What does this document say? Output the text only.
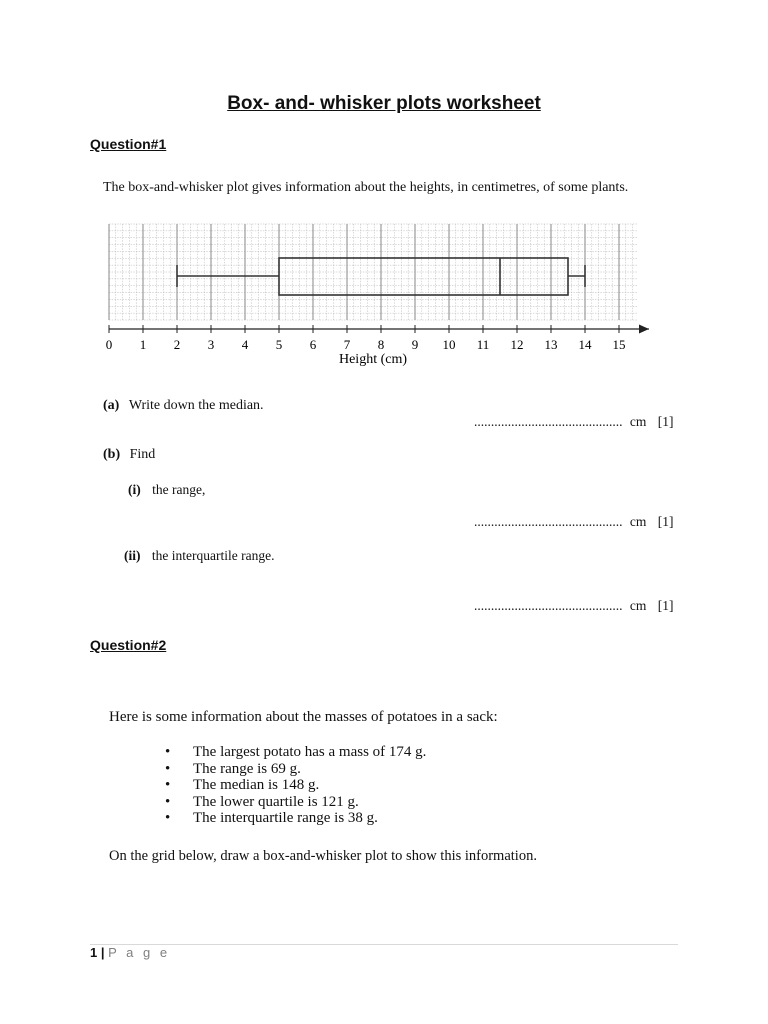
Box- and- whisker plots worksheet
Question#1
The box-and-whisker plot gives information about the heights, in centimetres, of some plants.
0 1 2 3 4 5 6 7 8 9 10 11 12 13 14 15
Height (cm)
(a) Write down the median.
............................................ cm [1]
(b) Find
(i) the range,
............................................ cm [1]
(ii) the interquartile range.
............................................ cm [1]
Question#2
Here is some information about the masses of potatoes in a sack:
• The largest potato has a mass of 174 g.
• The range is 69 g.
• The median is 148 g.
• The lower quartile is 121 g.
• The interquartile range is 38 g.
On the grid below, draw a box-and-whisker plot to show this information.
1 | P a g e
